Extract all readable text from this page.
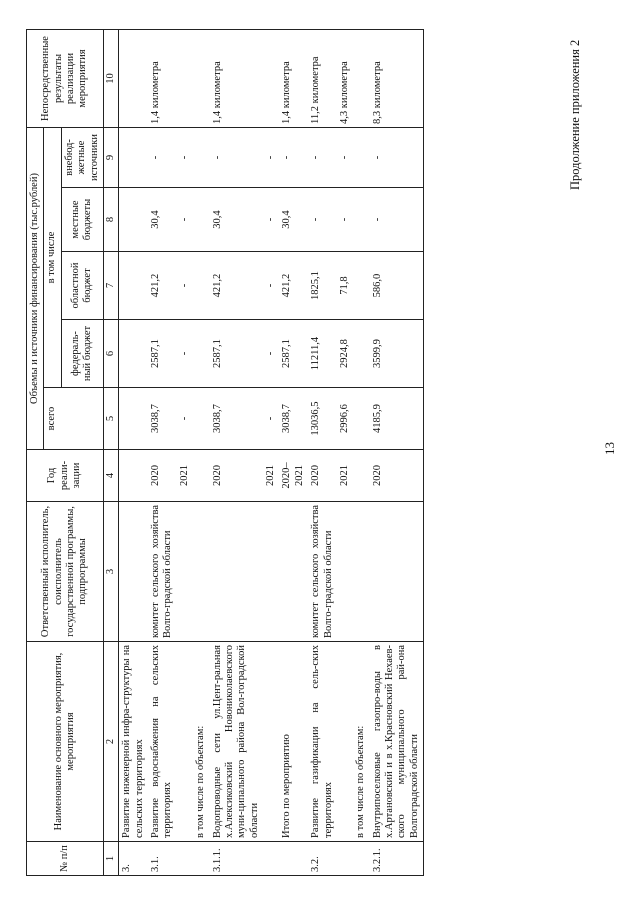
13
Продолжение приложения 2
№ п/п	Наименование основного мероприятия, мероприятия	Ответственный исполнитель, соисполнитель государственной программы, подпрограммы	Год реали-зации	Объемы и источники финансирования (тыс.рублей)					Непосредственные результаты реализации мероприятия
				всего	в том числе				
					федераль-ный бюджет	областной бюджет	местные бюджеты	внебюд-жетные источники	
1	2	3	4	5	6	7	8	9	10
3.	Развитие инженерной инфра-структуры на сельских территориях								
3.1.	Развитие водоснабжения на сельских территориях	комитет сельского хозяйства Волго-градской области	2020	3038,7	2587,1	421,2	30,4	-	1,4 километра
			2021	-	-	-	-	-	
	в том числе по объектам:								
3.1.1.	Водопроводные сети ул.Цент-ральная х.Алексиковский Новониколаевского муни-ципального района Вол-гоградской области		2020	3038,7	2587,1	421,2	30,4	-	1,4 километра
			2021	-	-	-	-	-	
	Итого по мероприятию		2020–2021	3038,7	2587,1	421,2	30,4	-	1,4 километра
3.2.	Развитие газификации на сель-ских территориях	комитет сельского хозяйства Волго-градской области	2020	13036,5	11211,4	1825,1	-	-	11,2 километра
			2021	2996,6	2924,8	71,8	-	-	4,3 километра
	в том числе по объектам:								
3.2.1.	Внутрипоселковые газопро-воды в х.Артановский и в х.Красновский Нехаев-ского муниципального рай-она Волгоградской области		2020	4185,9	3599,9	586,0	-	-	8,3 километра
